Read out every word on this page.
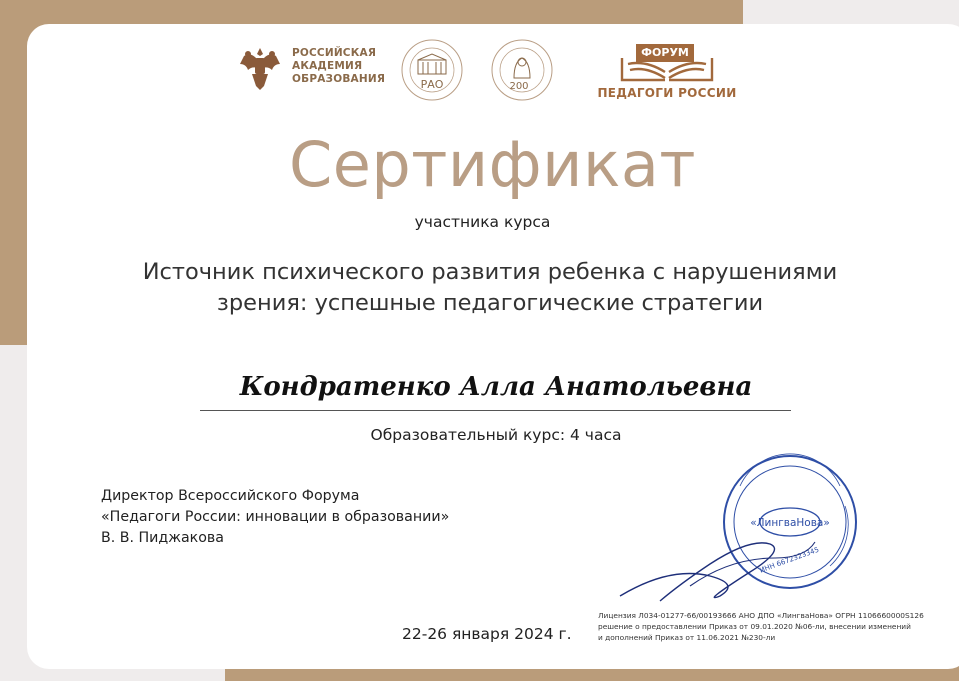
РОССИЙСКАЯ
АКАДЕМИЯ
ОБРАЗОВАНИЯ	РАО	200
ФОРУМ
ПЕДАГОГИ РОССИИ
Сертификат
участника курса
Источник психического развития ребенка с нарушениями
зрения: успешные педагогические стратегии
Кондратенко Алла Анатольевна
Образовательный курс: 4 часа
Директор Всероссийского Форума
«Педагоги России: инновации в образовании»
В. В. Пиджакова
«ЛингваНова»
ИНН 6672323345
22-26 января 2024 г.
Лицензия Л034-01277-66/00193666 АНО ДПО «ЛингваНова» ОГРН 1106660000S126
решение о предоставлении Приказ от 09.01.2020 №06-ли, внесении изменений
и дополнений Приказ от 11.06.2021 №230-ли
